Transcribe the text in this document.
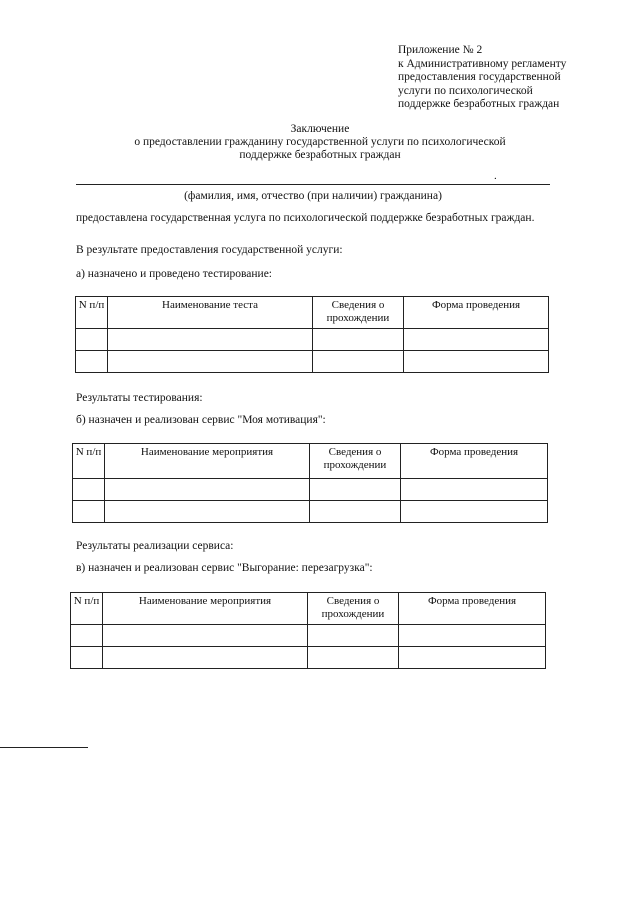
Приложение № 2
к Административному регламенту
предоставления государственной
услуги по психологической
поддержке безработных граждан
Заключение
о предоставлении гражданину государственной услуги по психологической
поддержке безработных граждан
.
(фамилия, имя, отчество (при наличии) гражданина)
предоставлена государственная услуга по психологической поддержке безработных граждан.
В результате предоставления государственной услуги:
а) назначено и проведено тестирование:
N п/п	Наименование теста	Сведения о прохождении	Форма проведения

Результаты тестирования:
б) назначен и реализован сервис "Моя мотивация":
N п/п	Наименование мероприятия	Сведения о прохождении	Форма проведения

Результаты реализации сервиса:
в) назначен и реализован сервис "Выгорание: перезагрузка":
N п/п	Наименование мероприятия	Сведения о прохождении	Форма проведения
